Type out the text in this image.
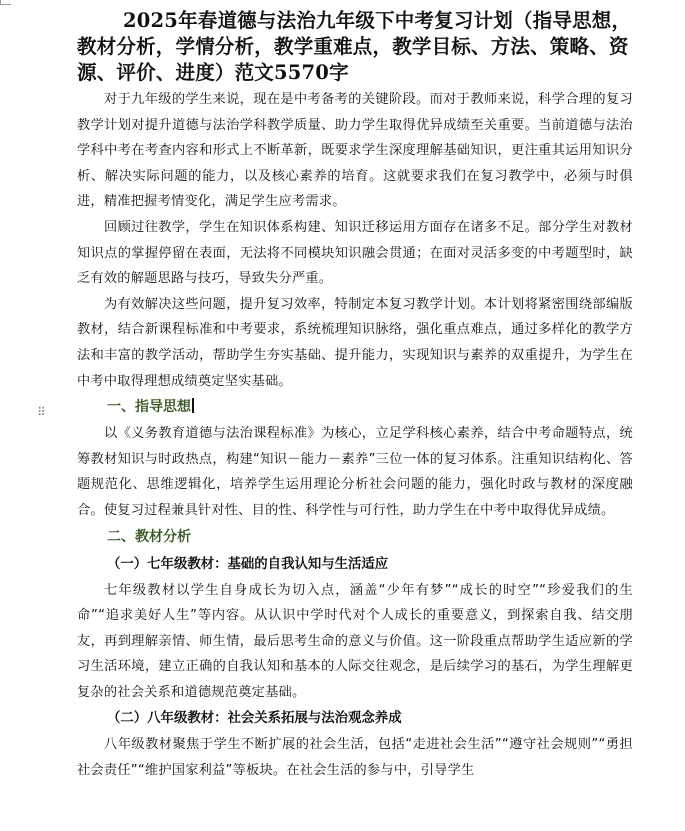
⠿
2025年春道德与法治九年级下中考复习计划（指导思想，教材分析，学情分析，教学重难点，教学目标、方法、策略、资源、评价、进度）范文5570字

对于九年级的学生来说，现在是中考备考的关键阶段。而对于教师来说，科学合理的复习教学计划对提升道德与法治学科教学质量、助力学生取得优异成绩至关重要。当前道德与法治学科中考在考查内容和形式上不断革新，既要求学生深度理解基础知识，更注重其运用知识分析、解决实际问题的能力，以及核心素养的培育。这就要求我们在复习教学中，必须与时俱进，精准把握考情变化，满足学生应考需求。

回顾过往教学，学生在知识体系构建、知识迁移运用方面存在诸多不足。部分学生对教材知识点的掌握停留在表面，无法将不同模块知识融会贯通；在面对灵活多变的中考题型时，缺乏有效的解题思路与技巧，导致失分严重。

为有效解决这些问题，提升复习效率，特制定本复习教学计划。本计划将紧密围绕部编版教材，结合新课程标准和中考要求，系统梳理知识脉络，强化重点难点，通过多样化的教学方法和丰富的教学活动，帮助学生夯实基础、提升能力，实现知识与素养的双重提升，为学生在中考中取得理想成绩奠定坚实基础。

一、指导思想

以《义务教育道德与法治课程标准》为核心，立足学科核心素养，结合中考命题特点，统筹教材知识与时政热点，构建“知识－能力－素养”三位一体的复习体系。注重知识结构化、答题规范化、思维逻辑化，培养学生运用理论分析社会问题的能力，强化时政与教材的深度融合。使复习过程兼具针对性、目的性、科学性与可行性，助力学生在中考中取得优异成绩。

二、教材分析
（一）七年级教材：基础的自我认知与生活适应

七年级教材以学生自身成长为切入点，涵盖“少年有梦”“成长的时空”“珍爱我们的生命”“追求美好人生”等内容。从认识中学时代对个人成长的重要意义，到探索自我、结交朋友，再到理解亲情、师生情，最后思考生命的意义与价值。这一阶段重点帮助学生适应新的学习生活环境，建立正确的自我认知和基本的人际交往观念，是后续学习的基石，为学生理解更复杂的社会关系和道德规范奠定基础。

（二）八年级教材：社会关系拓展与法治观念养成

八年级教材聚焦于学生不断扩展的社会生活，包括“走进社会生活”“遵守社会规则”“勇担社会责任”“维护国家利益”等板块。在社会生活的参与中，引导学生
